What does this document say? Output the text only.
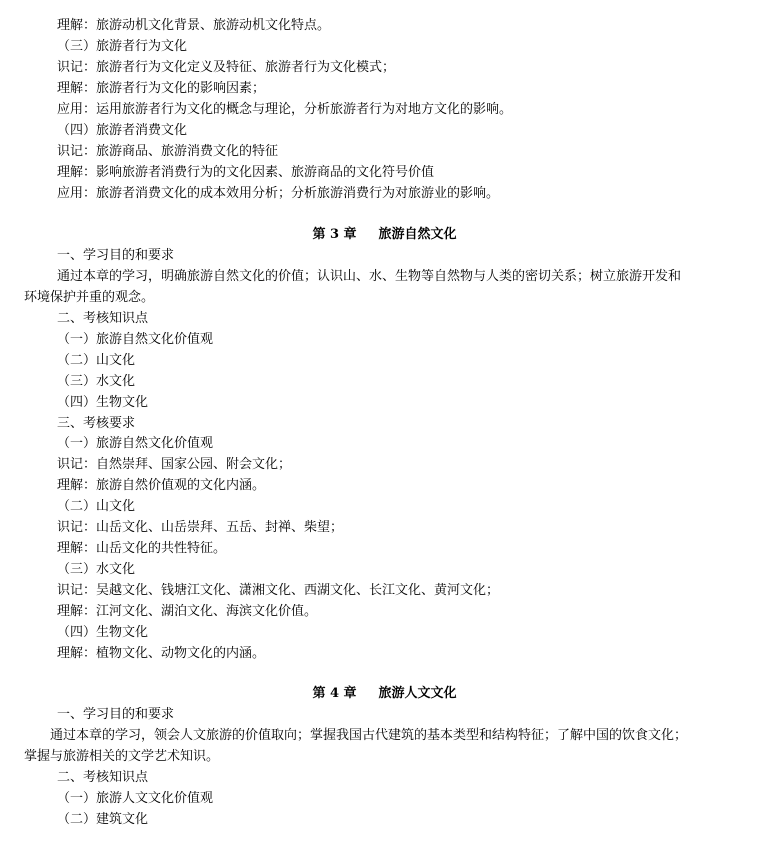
理解：旅游动机文化背景、旅游动机文化特点。
（三）旅游者行为文化
识记：旅游者行为文化定义及特征、旅游者行为文化模式；
理解：旅游者行为文化的影响因素；
应用：运用旅游者行为文化的概念与理论，分析旅游者行为对地方文化的影响。
（四）旅游者消费文化
识记：旅游商品、旅游消费文化的特征
理解：影响旅游者消费行为的文化因素、旅游商品的文化符号价值
应用：旅游者消费文化的成本效用分析；分析旅游消费行为对旅游业的影响。
第 3 章 旅游自然文化
一、学习目的和要求
通过本章的学习，明确旅游自然文化的价值；认识山、水、生物等自然物与人类的密切关系；树立旅游开发和
环境保护并重的观念。
二、考核知识点
（一）旅游自然文化价值观
（二）山文化
（三）水文化
（四）生物文化
三、考核要求
（一）旅游自然文化价值观
识记：自然崇拜、国家公园、附会文化；
理解：旅游自然价值观的文化内涵。
（二）山文化
识记：山岳文化、山岳崇拜、五岳、封禅、柴望；
理解：山岳文化的共性特征。
（三）水文化
识记：吴越文化、钱塘江文化、潇湘文化、西湖文化、长江文化、黄河文化；
理解：江河文化、湖泊文化、海滨文化价值。
（四）生物文化
理解：植物文化、动物文化的内涵。
第 4 章 旅游人文文化
一、学习目的和要求
通过本章的学习，领会人文旅游的价值取向；掌握我国古代建筑的基本类型和结构特征；了解中国的饮食文化；
掌握与旅游相关的文学艺术知识。
二、考核知识点
（一）旅游人文文化价值观
（二）建筑文化
